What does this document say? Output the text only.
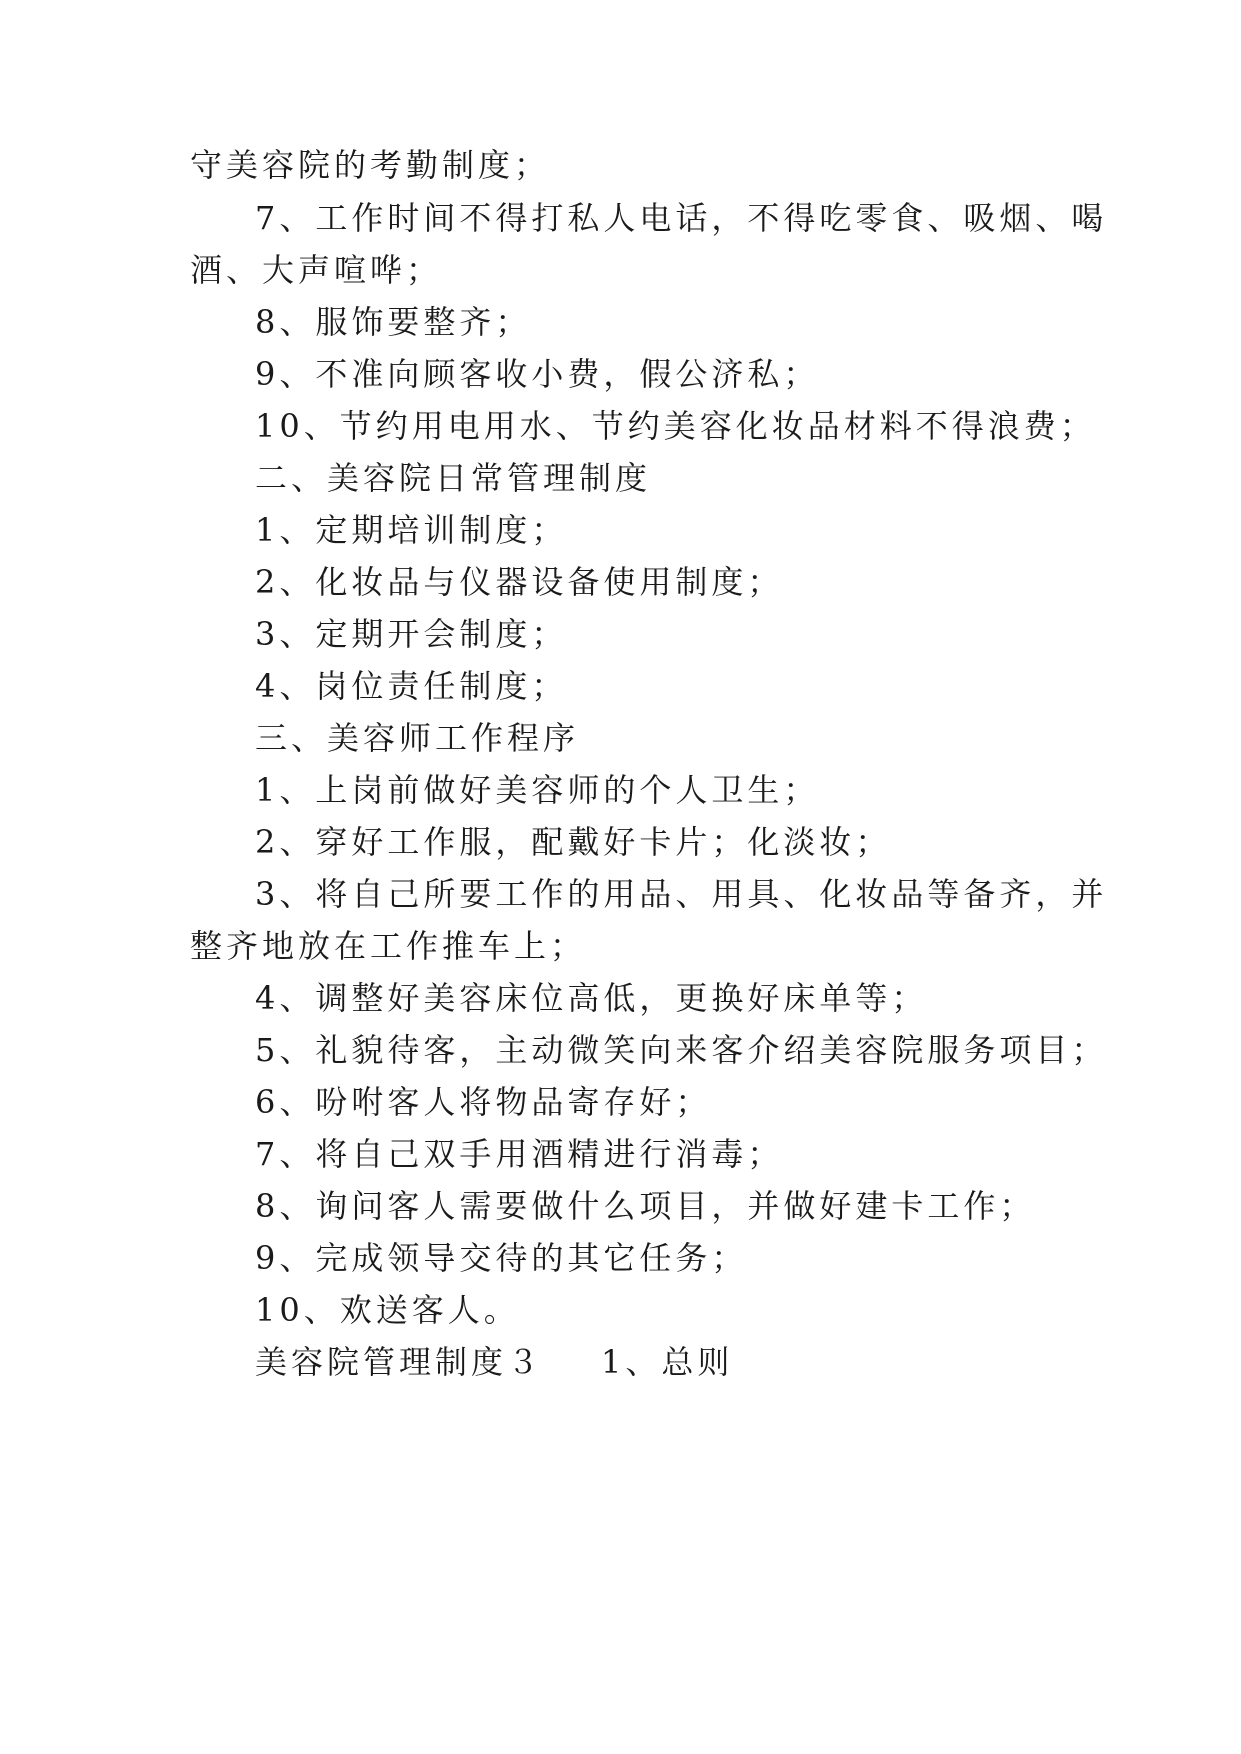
守美容院的考勤制度；
7、工作时间不得打私人电话，不得吃零食、吸烟、喝
酒、大声喧哗；
8、服饰要整齐；
9、不准向顾客收小费，假公济私；
10、节约用电用水、节约美容化妆品材料不得浪费；
二、美容院日常管理制度
1、定期培训制度；
2、化妆品与仪器设备使用制度；
3、定期开会制度；
4、岗位责任制度；
三、美容师工作程序
1、上岗前做好美容师的个人卫生；
2、穿好工作服，配戴好卡片；化淡妆；
3、将自己所要工作的用品、用具、化妆品等备齐，并
整齐地放在工作推车上；
4、调整好美容床位高低，更换好床单等；
5、礼貌待客，主动微笑向来客介绍美容院服务项目；
6、吩咐客人将物品寄存好；
7、将自己双手用酒精进行消毒；
8、询问客人需要做什么项目，并做好建卡工作；
9、完成领导交待的其它任务；
10、欢送客人。
美容院管理制度３ 1、总则
